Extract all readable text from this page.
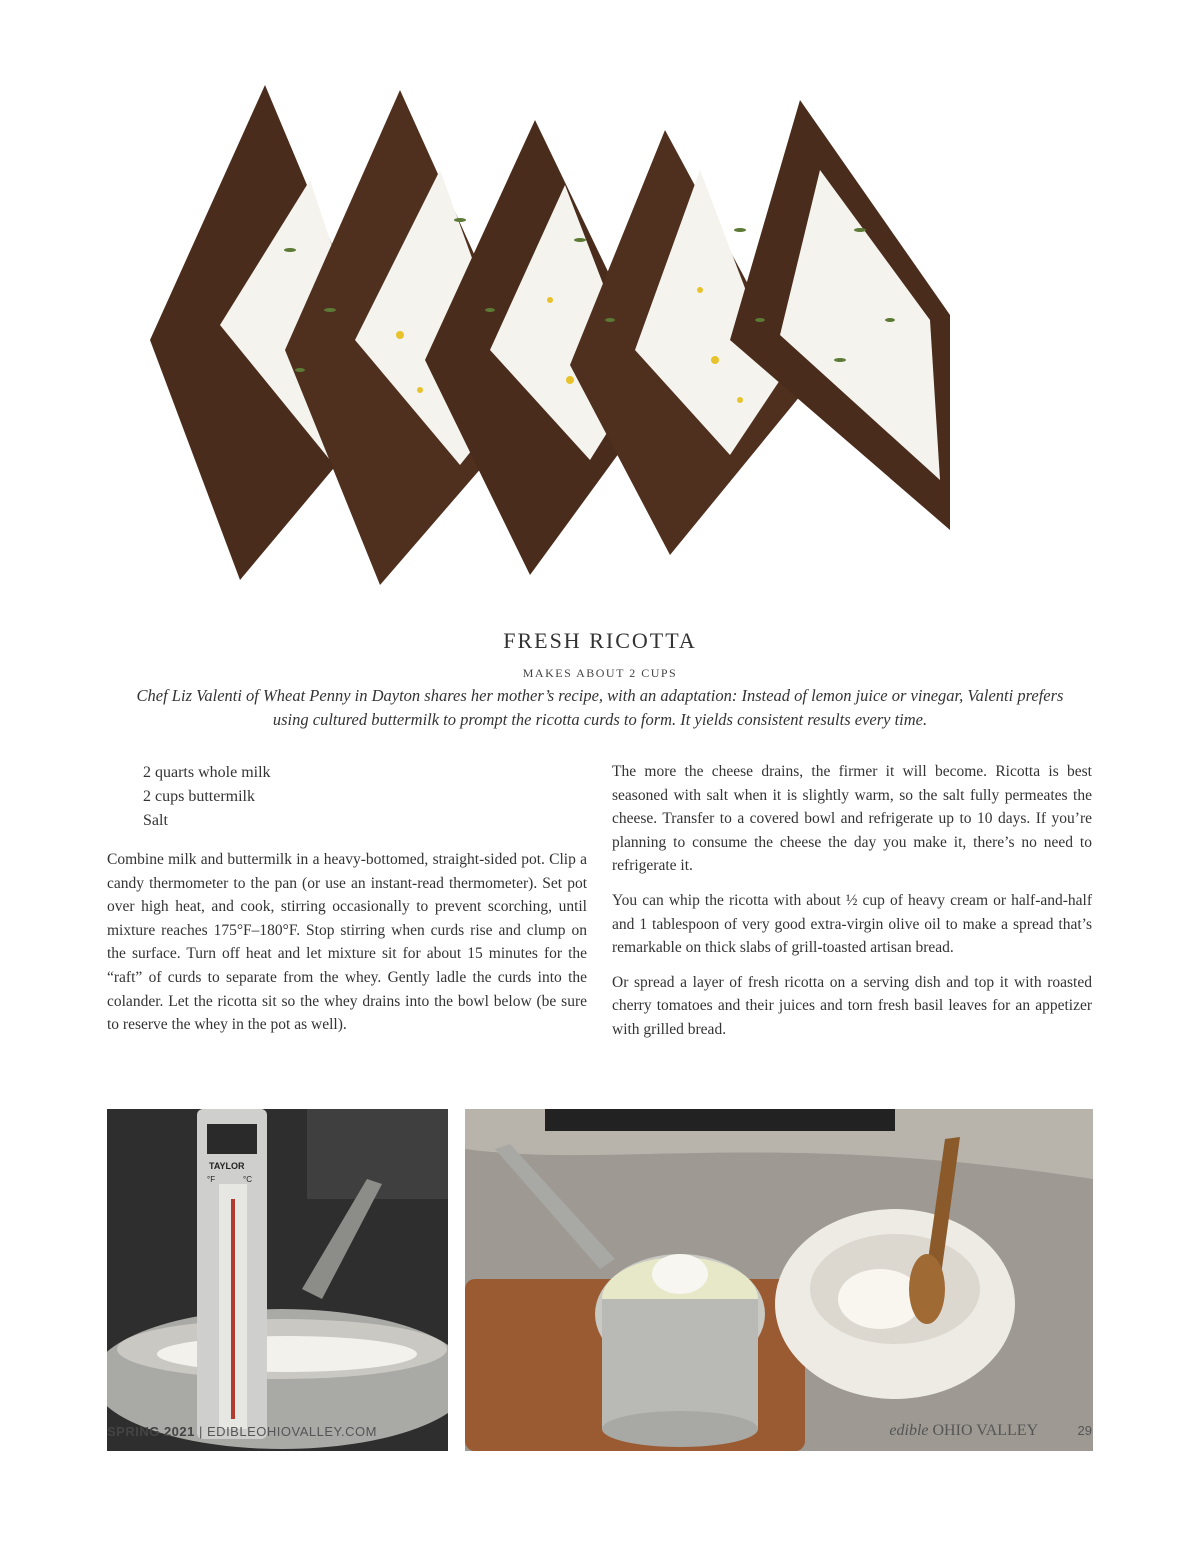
FRESH RICOTTA
MAKES ABOUT 2 CUPS
Chef Liz Valenti of Wheat Penny in Dayton shares her mother’s recipe, with an adaptation: Instead of lemon juice or vinegar, Valenti prefers using cultured buttermilk to prompt the ricotta curds to form. It yields consistent results every time.
2 quarts whole milk
2 cups buttermilk
Salt

Combine milk and buttermilk in a heavy-bottomed, straight-sided pot. Clip a candy thermometer to the pan (or use an instant-read thermometer). Set pot over high heat, and cook, stirring occasionally to prevent scorching, until mixture reaches 175°F–180°F. Stop stirring when curds rise and clump on the surface. Turn off heat and let mixture sit for about 15 minutes for the “raft” of curds to separate from the whey. Gently ladle the curds into the colander. Let the ricotta sit so the whey drains into the bowl below (be sure to reserve the whey in the pot as well).

The more the cheese drains, the firmer it will become. Ricotta is best seasoned with salt when it is slightly warm, so the salt fully permeates the cheese. Transfer to a covered bowl and refrigerate up to 10 days. If you’re planning to consume the cheese the day you make it, there’s no need to refrigerate it.

You can whip the ricotta with about ½ cup of heavy cream or half-and-half and 1 tablespoon of very good extra-virgin olive oil to make a spread that’s remarkable on thick slabs of grill-toasted artisan bread.

Or spread a layer of fresh ricotta on a serving dish and top it with roasted cherry tomatoes and their juices and torn fresh basil leaves for an appetizer with grilled bread.

TAYLOR
°F	°C
SPRING 2021 | EDIBLEOHIOVALLEY.COM	edible OHIO VALLEY	29
